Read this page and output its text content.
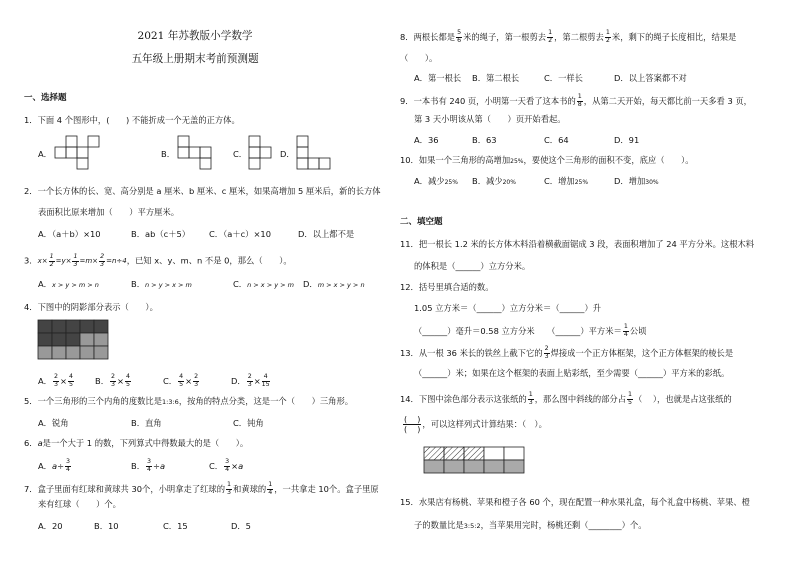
2021 年苏教版小学数学
五年级上册期末考前预测题
一、选择题
1．下面 4 个图形中，(　　) 不能折成一个无盖的正方体。
A．	B．	C．	D．
2．一个长方体的长、宽、高分别是 a 厘米、b 厘米、c 厘米，如果高增加 5 厘米后，新的长方体
表面积比原来增加（　　）平方厘米。
A．（a＋b）×10	B．ab（c＋5） C．（a＋c）×10	D．以上都不是
3．$x\times \frac{1}{2} =y\times \frac{1}{3} =m\times \frac{2}{3} =n\div 4$，已知 x、y、m、n 不是 0，那么（　　）。
A．x > y > m > n	B．n > y > x > m	C．n > x > y > m D．m > x > y > n
4．下图中的阴影部分表示（　　）。
A． $\frac{2}{3} \times \frac{4}{5}$	B． $\frac{2}{3} \times \frac{4}{5}$	C． $\frac{4}{5} \times \frac{2}{3}$	D． $\frac{2}{3} \times \frac{4}{15}$
5．一个三角形的三个内角的度数比是1:3:6，按角的特点分类，这是一个（　　）三角形。
A．锐角	B．直角	C．钝角
6．a是一个大于 1 的数，下列算式中得数最大的是（　　）。
A．$a\div \frac{3}{4}$	B． $\frac{3}{4} \div a$	C． $\frac{3}{4} \times a$
7．盒子里面有红球和黄球共 30个，小明拿走了红球的 $\frac{1}{3}$ 和黄球的 $\frac{1}{4}$ ，一共拿走 10个。盒子里原
来有红球（　　）个。
A．20	B．10	C．15	D．5
8．两根长都是 $\frac{5}{6}$ 米的绳子，第一根剪去 $\frac{1}{2}$ ，第二根剪去 $\frac{1}{2}$ 米，剩下的绳子长度相比，结果是
（　　）。
A．第一根长 B．第二根长	C．一样长	D．以上答案都不对
9．一本书有 240 页，小明第一天看了这本书的 $\frac{1}{8}$ ，从第二天开始，每天都比前一天多看 3 页，
第 3 天小明该从第（　　）页开始看起。
A．36	B．63	C．64	D．91
10．如果一个三角形的高增加25%，要使这个三角形的面积不变，底应（　　）。
A．减少25% B．减少20%	C．增加25%	D．增加30%
二、填空题
11．把一根长 1.2 米的长方体木料沿着横截面锯成 3 段，表面积增加了 24 平方分米。这根木料
的体积是（______）立方分米。
12．括号里填合适的数。
1.05 立方米＝（______）立方分米＝（______）升
（______）毫升＝0.58 立方分米　　 （______）平方米＝ $\frac{1}{4}$ 公顷
13．从一根 36 米长的铁丝上截下它的 $\frac{2}{3}$ 焊接成一个正方体框架，这个正方体框架的棱长是
（______）米；如果在这个框架的表面上贴彩纸，至少需要（______）平方米的彩纸。
14．下图中涂色部分表示这张纸的 $\frac{1}{3}$ ，那么图中斜线的部分占 $\frac{1}{5}$ （  ），也就是占这张纸的
$\frac{( )}{( )}$ ，可以这样列式计算结果：（　）。
15．水果店有杨桃、苹果和橙子各 60 个，现在配置一种水果礼盒，每个礼盒中杨桃、苹果、橙
子的数量比是3:5:2，当苹果用完时，杨桃还剩（________）个。
